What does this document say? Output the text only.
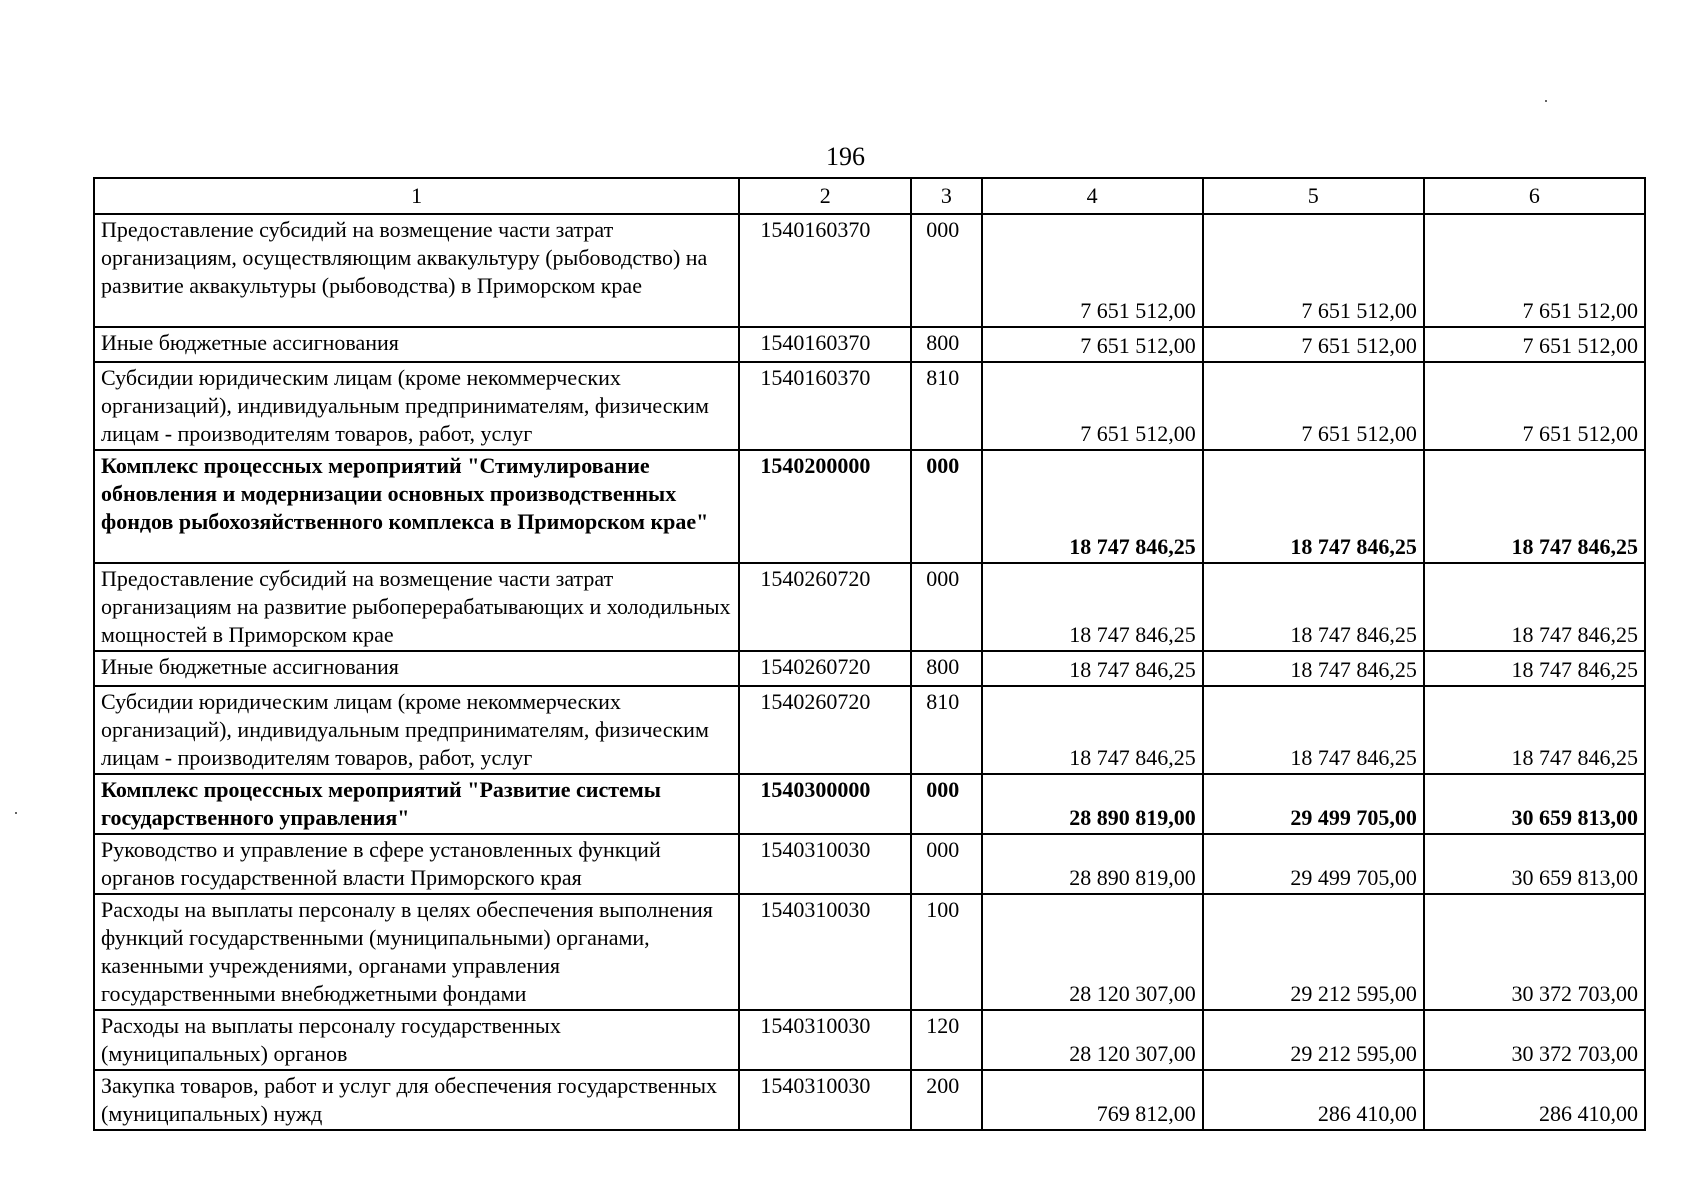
196
1	2	3	4	5	6
Предоставление субсидий на возмещение части затрат организациям, осуществляющим аквакультуру (рыбоводство) на развитие аквакультуры (рыбоводства) в Приморском крае	1540160370	000	7 651 512,00	7 651 512,00	7 651 512,00
Иные бюджетные ассигнования	1540160370	800	7 651 512,00	7 651 512,00	7 651 512,00
Субсидии юридическим лицам (кроме некоммерческих организаций), индивидуальным предпринимателям, физическим лицам - производителям товаров, работ, услуг	1540160370	810	7 651 512,00	7 651 512,00	7 651 512,00
Комплекс процессных мероприятий "Стимулирование обновления и модернизации основных производственных фондов рыбохозяйственного комплекса в Приморском крае"	1540200000	000	18 747 846,25	18 747 846,25	18 747 846,25
Предоставление субсидий на возмещение части затрат организациям на развитие рыбоперерабатывающих и холодильных мощностей в Приморском крае	1540260720	000	18 747 846,25	18 747 846,25	18 747 846,25
Иные бюджетные ассигнования	1540260720	800	18 747 846,25	18 747 846,25	18 747 846,25
Субсидии юридическим лицам (кроме некоммерческих организаций), индивидуальным предпринимателям, физическим лицам - производителям товаров, работ, услуг	1540260720	810	18 747 846,25	18 747 846,25	18 747 846,25
Комплекс процессных мероприятий "Развитие системы государственного управления"	1540300000	000	28 890 819,00	29 499 705,00	30 659 813,00
Руководство и управление в сфере установленных функций органов государственной власти Приморского края	1540310030	000	28 890 819,00	29 499 705,00	30 659 813,00
Расходы на выплаты персоналу в целях обеспечения выполнения функций государственными (муниципальными) органами, казенными учреждениями, органами управления государственными внебюджетными фондами	1540310030	100	28 120 307,00	29 212 595,00	30 372 703,00
Расходы на выплаты персоналу государственных (муниципальных) органов	1540310030	120	28 120 307,00	29 212 595,00	30 372 703,00
Закупка товаров, работ и услуг для обеспечения государственных (муниципальных) нужд	1540310030	200	769 812,00	286 410,00	286 410,00
